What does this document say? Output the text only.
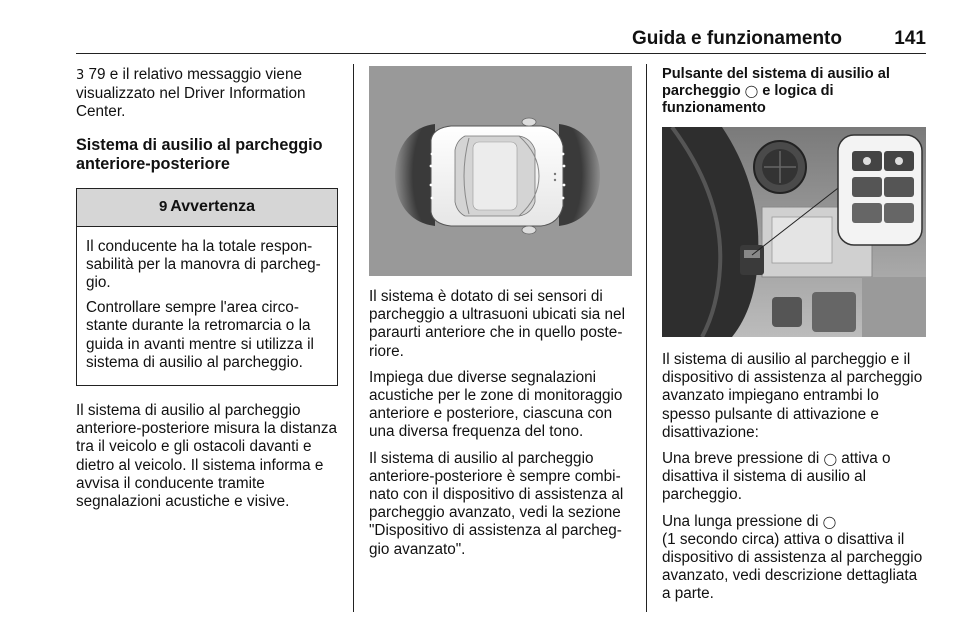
Guida e funzionamento	141

3 79 e il relativo messaggio viene visualizzato nel Driver Information Center.

Sistema di ausilio al parcheggio anteriore-posteriore
9 Avvertenza

Il conducente ha la totale responsabilità per la manovra di parcheggio.

Controllare sempre l'area circostante durante la retromarcia o la guida in avanti mentre si utilizza il sistema di ausilio al parcheggio.

Il sistema di ausilio al parcheggio anteriore-posteriore misura la distanza tra il veicolo e gli ostacoli davanti e dietro al veicolo. Il sistema informa e avvisa il conducente tramite segnalazioni acustiche e visive.

Il sistema è dotato di sei sensori di parcheggio a ultrasuoni ubicati sia nel paraurti anteriore che in quello posteriore.

Impiega due diverse segnalazioni acustiche per le zone di monitoraggio anteriore e posteriore, ciascuna con una diversa frequenza del tono.

Il sistema di ausilio al parcheggio anteriore-posteriore è sempre combinato con il dispositivo di assistenza al parcheggio avanzato, vedi la sezione "Dispositivo di assistenza al parcheggio avanzato".

Pulsante del sistema di ausilio al parcheggio ◯ e logica di funzionamento

Il sistema di ausilio al parcheggio e il dispositivo di assistenza al parcheggio avanzato impiegano entrambi lo spesso pulsante di attivazione e disattivazione:

Una breve pressione di ◯ attiva o disattiva il sistema di ausilio al parcheggio.

Una lunga pressione di ◯
(1 secondo circa) attiva o disattiva il dispositivo di assistenza al parcheggio avanzato, vedi descrizione dettagliata a parte.
